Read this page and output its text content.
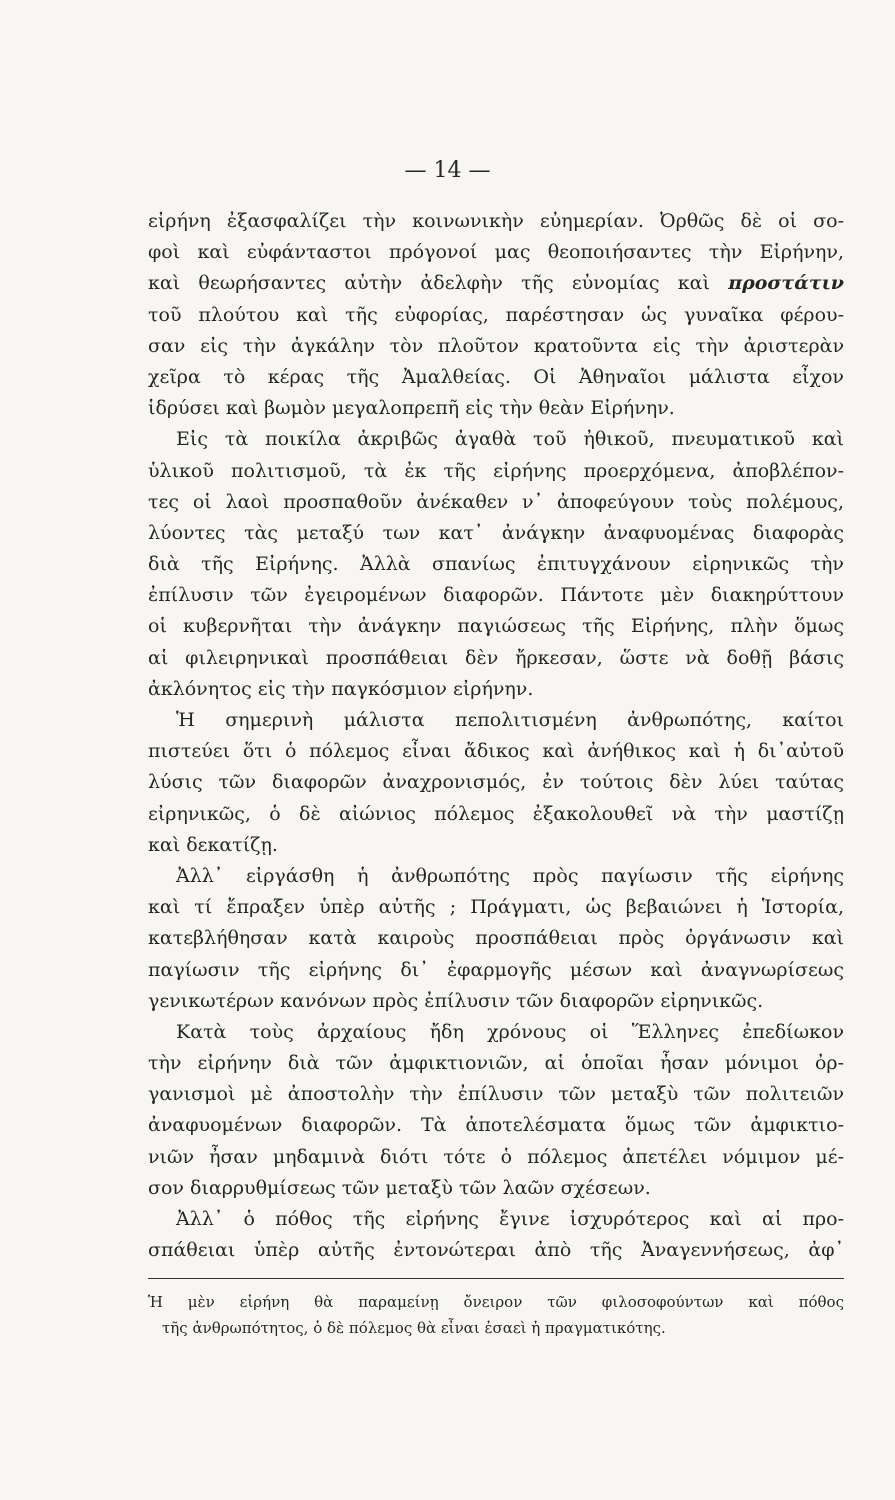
— 14 —
εἰρήνη ἐξασφαλίζει τὴν κοινωνικὴν εὐημερίαν. Ὀρθῶς δὲ οἱ σο-
φοὶ καὶ εὐφάνταστοι πρόγονοί μας θεοποιήσαντες τὴν Εἰρήνην,
καὶ θεωρήσαντες αὐτὴν ἀδελφὴν τῆς εὐνομίας καὶ προστάτιν
τοῦ πλούτου καὶ τῆς εὐφορίας, παρέστησαν ὡς γυναῖκα φέρου-
σαν εἰς τὴν ἀγκάλην τὸν πλοῦτον κρατοῦντα εἰς τὴν ἀριστερὰν
χεῖρα τὸ κέρας τῆς Ἀμαλθείας. Οἱ Ἀθηναῖοι μάλιστα εἶχον
ἱδρύσει καὶ βωμὸν μεγαλοπρεπῆ εἰς τὴν θεὰν Εἰρήνην.
Εἰς τὰ ποικίλα ἀκριβῶς ἀγαθὰ τοῦ ἠθικοῦ, πνευματικοῦ καὶ
ὑλικοῦ πολιτισμοῦ, τὰ ἐκ τῆς εἰρήνης προερχόμενα, ἀποβλέπον-
τες οἱ λαοὶ προσπαθοῦν ἀνέκαθεν ν᾽ ἀποφεύγουν τοὺς πολέμους,
λύοντες τὰς μεταξύ των κατ᾽ ἀνάγκην ἀναφυομένας διαφορὰς
διὰ τῆς Εἰρήνης. Ἀλλὰ σπανίως ἐπιτυγχάνουν εἰρηνικῶς τὴν
ἐπίλυσιν τῶν ἐγειρομένων διαφορῶν. Πάντοτε μὲν διακηρύττουν
οἱ κυβερνῆται τὴν ἀνάγκην παγιώσεως τῆς Εἰρήνης, πλὴν ὅμως
αἱ φιλειρηνικαὶ προσπάθειαι δὲν ἤρκεσαν, ὥστε νὰ δοθῇ βάσις
ἀκλόνητος εἰς τὴν παγκόσμιον εἰρήνην.
Ἡ σημερινὴ μάλιστα πεπολιτισμένη ἀνθρωπότης, καίτοι
πιστεύει ὅτι ὁ πόλεμος εἶναι ἄδικος καὶ ἀνήθικος καὶ ἡ δι᾽αὐτοῦ
λύσις τῶν διαφορῶν ἀναχρονισμός, ἐν τούτοις δὲν λύει ταύτας
εἰρηνικῶς, ὁ δὲ αἰώνιος πόλεμος ἐξακολουθεῖ νὰ τὴν μαστίζῃ
καὶ δεκατίζῃ.
Ἀλλ᾽ εἰργάσθη ἡ ἀνθρωπότης πρὸς παγίωσιν τῆς εἰρήνης
καὶ τί ἔπραξεν ὑπὲρ αὐτῆς ; Πράγματι, ὡς βεβαιώνει ἡ Ἱστορία,
κατεβλήθησαν κατὰ καιροὺς προσπάθειαι πρὸς ὀργάνωσιν καὶ
παγίωσιν τῆς εἰρήνης δι᾽ ἐφαρμογῆς μέσων καὶ ἀναγνωρίσεως
γενικωτέρων κανόνων πρὸς ἐπίλυσιν τῶν διαφορῶν εἰρηνικῶς.
Κατὰ τοὺς ἀρχαίους ἤδη χρόνους οἱ Ἕλληνες ἐπεδίωκον
τὴν εἰρήνην διὰ τῶν ἀμφικτιονιῶν, αἱ ὁποῖαι ἦσαν μόνιμοι ὀρ-
γανισμοὶ μὲ ἀποστολὴν τὴν ἐπίλυσιν τῶν μεταξὺ τῶν πολιτειῶν
ἀναφυομένων διαφορῶν. Τὰ ἀποτελέσματα ὅμως τῶν ἀμφικτιο-
νιῶν ἦσαν μηδαμινὰ διότι τότε ὁ πόλεμος ἀπετέλει νόμιμον μέ-
σον διαρρυθμίσεως τῶν μεταξὺ τῶν λαῶν σχέσεων.
Ἀλλ᾽ ὁ πόθος τῆς εἰρήνης ἔγινε ἰσχυρότερος καὶ αἱ προ-
σπάθειαι ὑπὲρ αὐτῆς ἐντονώτεραι ἀπὸ τῆς Ἀναγεννήσεως, ἀφ᾽
Ἡ μὲν εἰρήνη θὰ παραμείνῃ ὄνειρον τῶν φιλοσοφούντων καὶ πόθος
τῆς ἀνθρωπότητος, ὁ δὲ πόλεμος θὰ εἶναι ἐσαεὶ ἡ πραγματικότης.
